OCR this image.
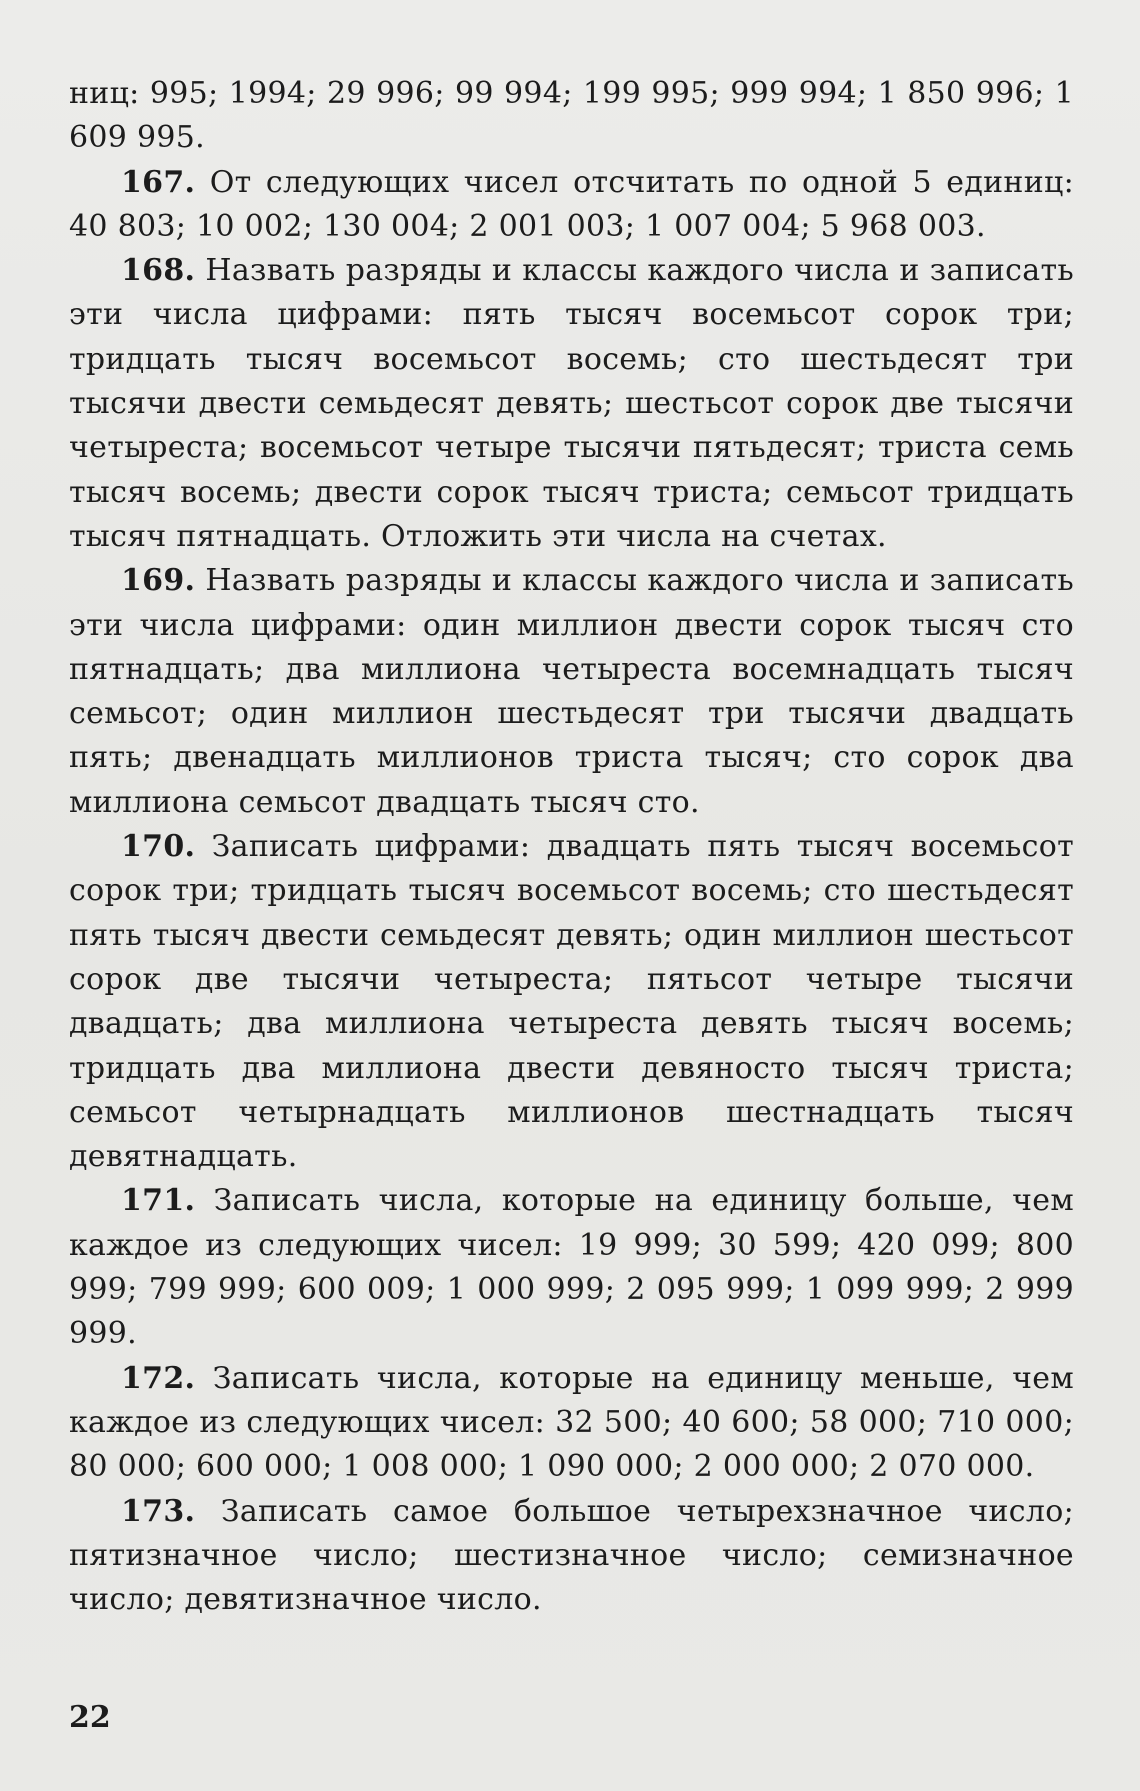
ниц: 995; 1994; 29 996; 99 994; 199 995; 999 994; 1 850 996; 1 609 995.

167. От следующих чисел отсчитать по одной 5 единиц: 40 803; 10 002; 130 004; 2 001 003; 1 007 004; 5 968 003.

168. Назвать разряды и классы каждого числа и записать эти числа цифрами: пять тысяч восемьсот сорок три; тридцать тысяч восемьсот восемь; сто шестьдесят три тысячи двести семьдесят девять; шестьсот сорок две тысячи четыреста; восемьсот четыре тысячи пятьдесят; триста семь тысяч восемь; двести сорок тысяч триста; семьсот тридцать тысяч пятнадцать. Отложить эти числа на счетах.

169. Назвать разряды и классы каждого числа и записать эти числа цифрами: один миллион двести сорок тысяч сто пятнадцать; два миллиона четыреста восемнадцать тысяч семьсот; один миллион шестьдесят три тысячи двадцать пять; двенадцать миллионов триста тысяч; сто сорок два миллиона семьсот двадцать тысяч сто.

170. Записать цифрами: двадцать пять тысяч восемьсот сорок три; тридцать тысяч восемьсот восемь; сто шестьдесят пять тысяч двести семьдесят девять; один миллион шестьсот сорок две тысячи четыреста; пятьсот четыре тысячи двадцать; два миллиона четыреста девять тысяч восемь; тридцать два миллиона двести девяносто тысяч триста; семьсот четырнадцать миллионов шестнадцать тысяч девятнадцать.

171. Записать числа, которые на единицу больше, чем каждое из следующих чисел: 19 999; 30 599; 420 099; 800 999; 799 999; 600 009; 1 000 999; 2 095 999; 1 099 999; 2 999 999.

172. Записать числа, которые на единицу меньше, чем каждое из следующих чисел: 32 500; 40 600; 58 000; 710 000; 80 000; 600 000; 1 008 000; 1 090 000; 2 000 000; 2 070 000.

173. Записать самое большое четырехзначное число; пятизначное число; шестизначное число; семизначное число; девятизначное число.

22
